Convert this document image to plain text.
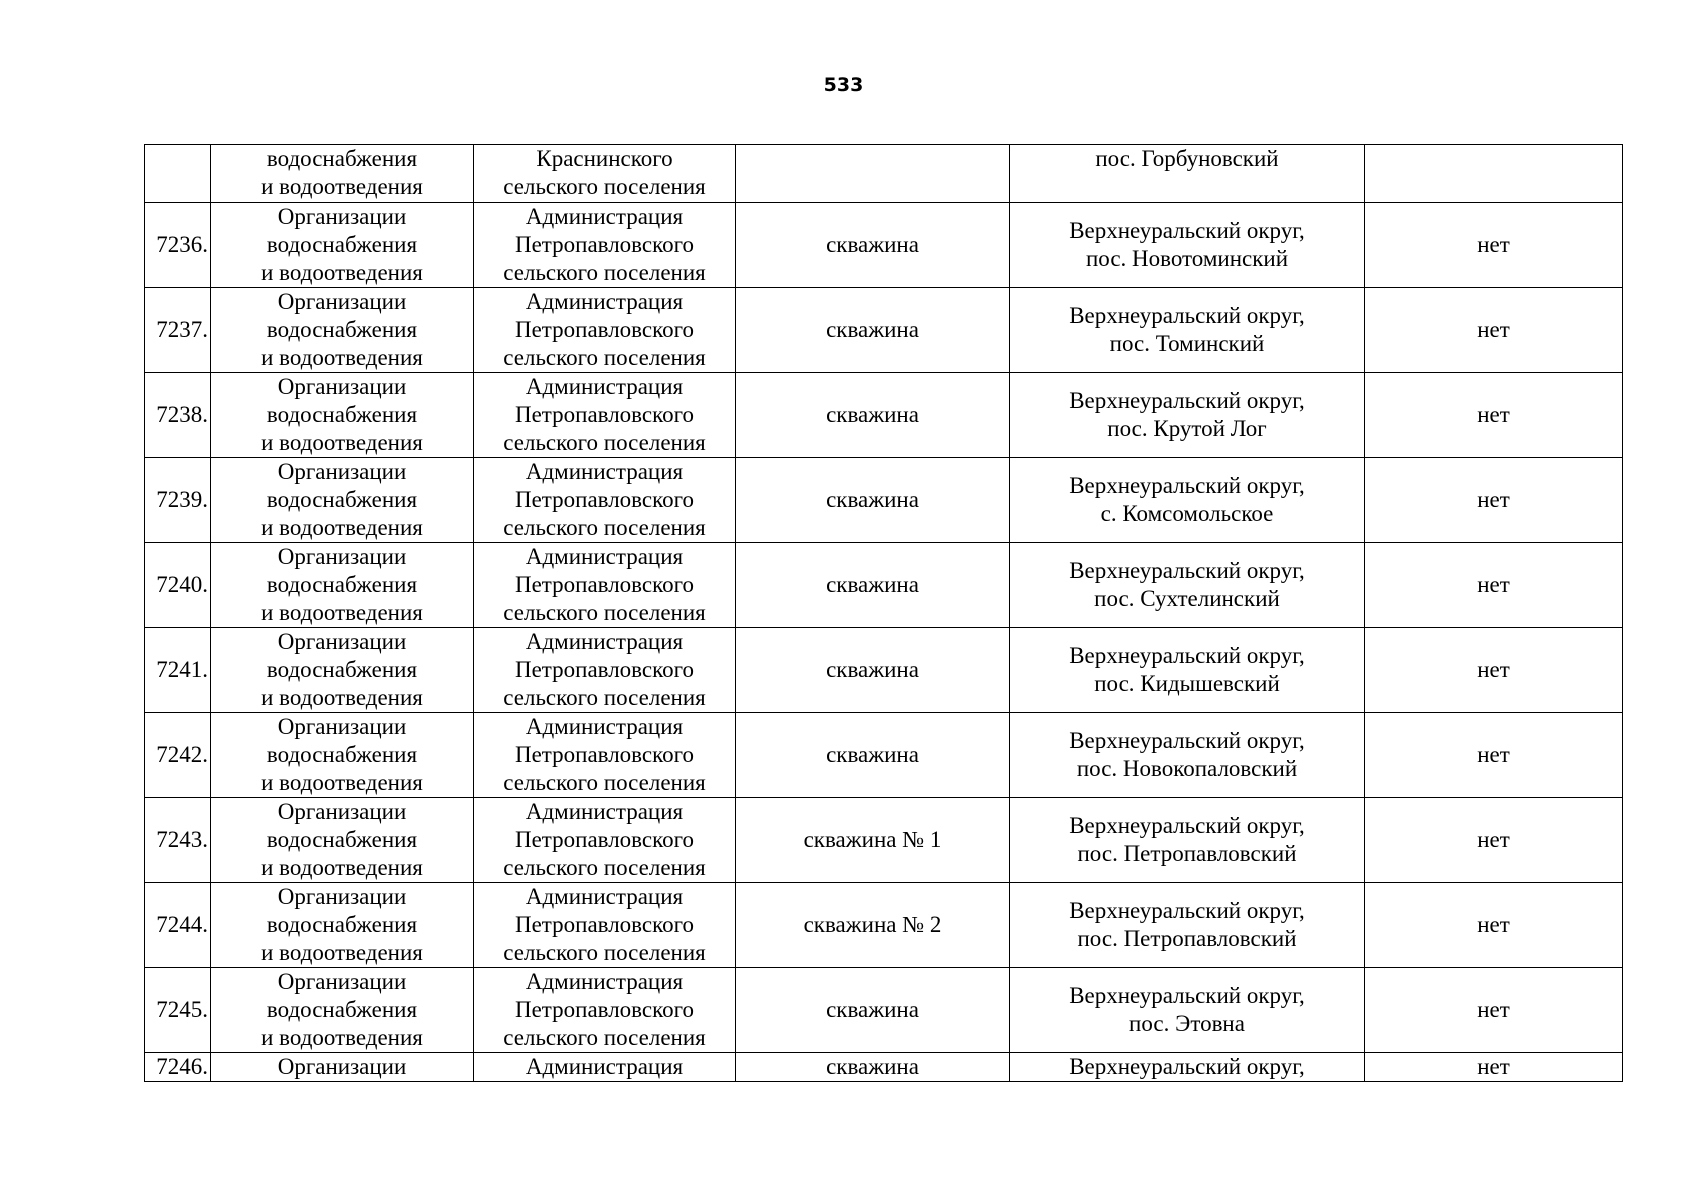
533

	водоснабжения
и водоотведения	Краснинского
сельского поселения		пос. Горбуновский	

7236.	Организации
водоснабжения
и водоотведения	Администрация
Петропавловского
сельского поселения	скважина	Верхнеуральский округ,
пос. Новотоминский	нет
7237.	Организации
водоснабжения
и водоотведения	Администрация
Петропавловского
сельского поселения	скважина	Верхнеуральский округ,
пос. Томинский	нет
7238.	Организации
водоснабжения
и водоотведения	Администрация
Петропавловского
сельского поселения	скважина	Верхнеуральский округ,
пос. Крутой Лог	нет
7239.	Организации
водоснабжения
и водоотведения	Администрация
Петропавловского
сельского поселения	скважина	Верхнеуральский округ,
с. Комсомольское	нет
7240.	Организации
водоснабжения
и водоотведения	Администрация
Петропавловского
сельского поселения	скважина	Верхнеуральский округ,
пос. Сухтелинский	нет
7241.	Организации
водоснабжения
и водоотведения	Администрация
Петропавловского
сельского поселения	скважина	Верхнеуральский округ,
пос. Кидышевский	нет
7242.	Организации
водоснабжения
и водоотведения	Администрация
Петропавловского
сельского поселения	скважина	Верхнеуральский округ,
пос. Новокопаловский	нет
7243.	Организации
водоснабжения
и водоотведения	Администрация
Петропавловского
сельского поселения	скважина № 1	Верхнеуральский округ,
пос. Петропавловский	нет
7244.	Организации
водоснабжения
и водоотведения	Администрация
Петропавловского
сельского поселения	скважина № 2	Верхнеуральский округ,
пос. Петропавловский	нет
7245.	Организации
водоснабжения
и водоотведения	Администрация
Петропавловского
сельского поселения	скважина	Верхнеуральский округ,
пос. Этовна	нет
7246.	Организации	Администрация	скважина	Верхнеуральский округ,	нет
